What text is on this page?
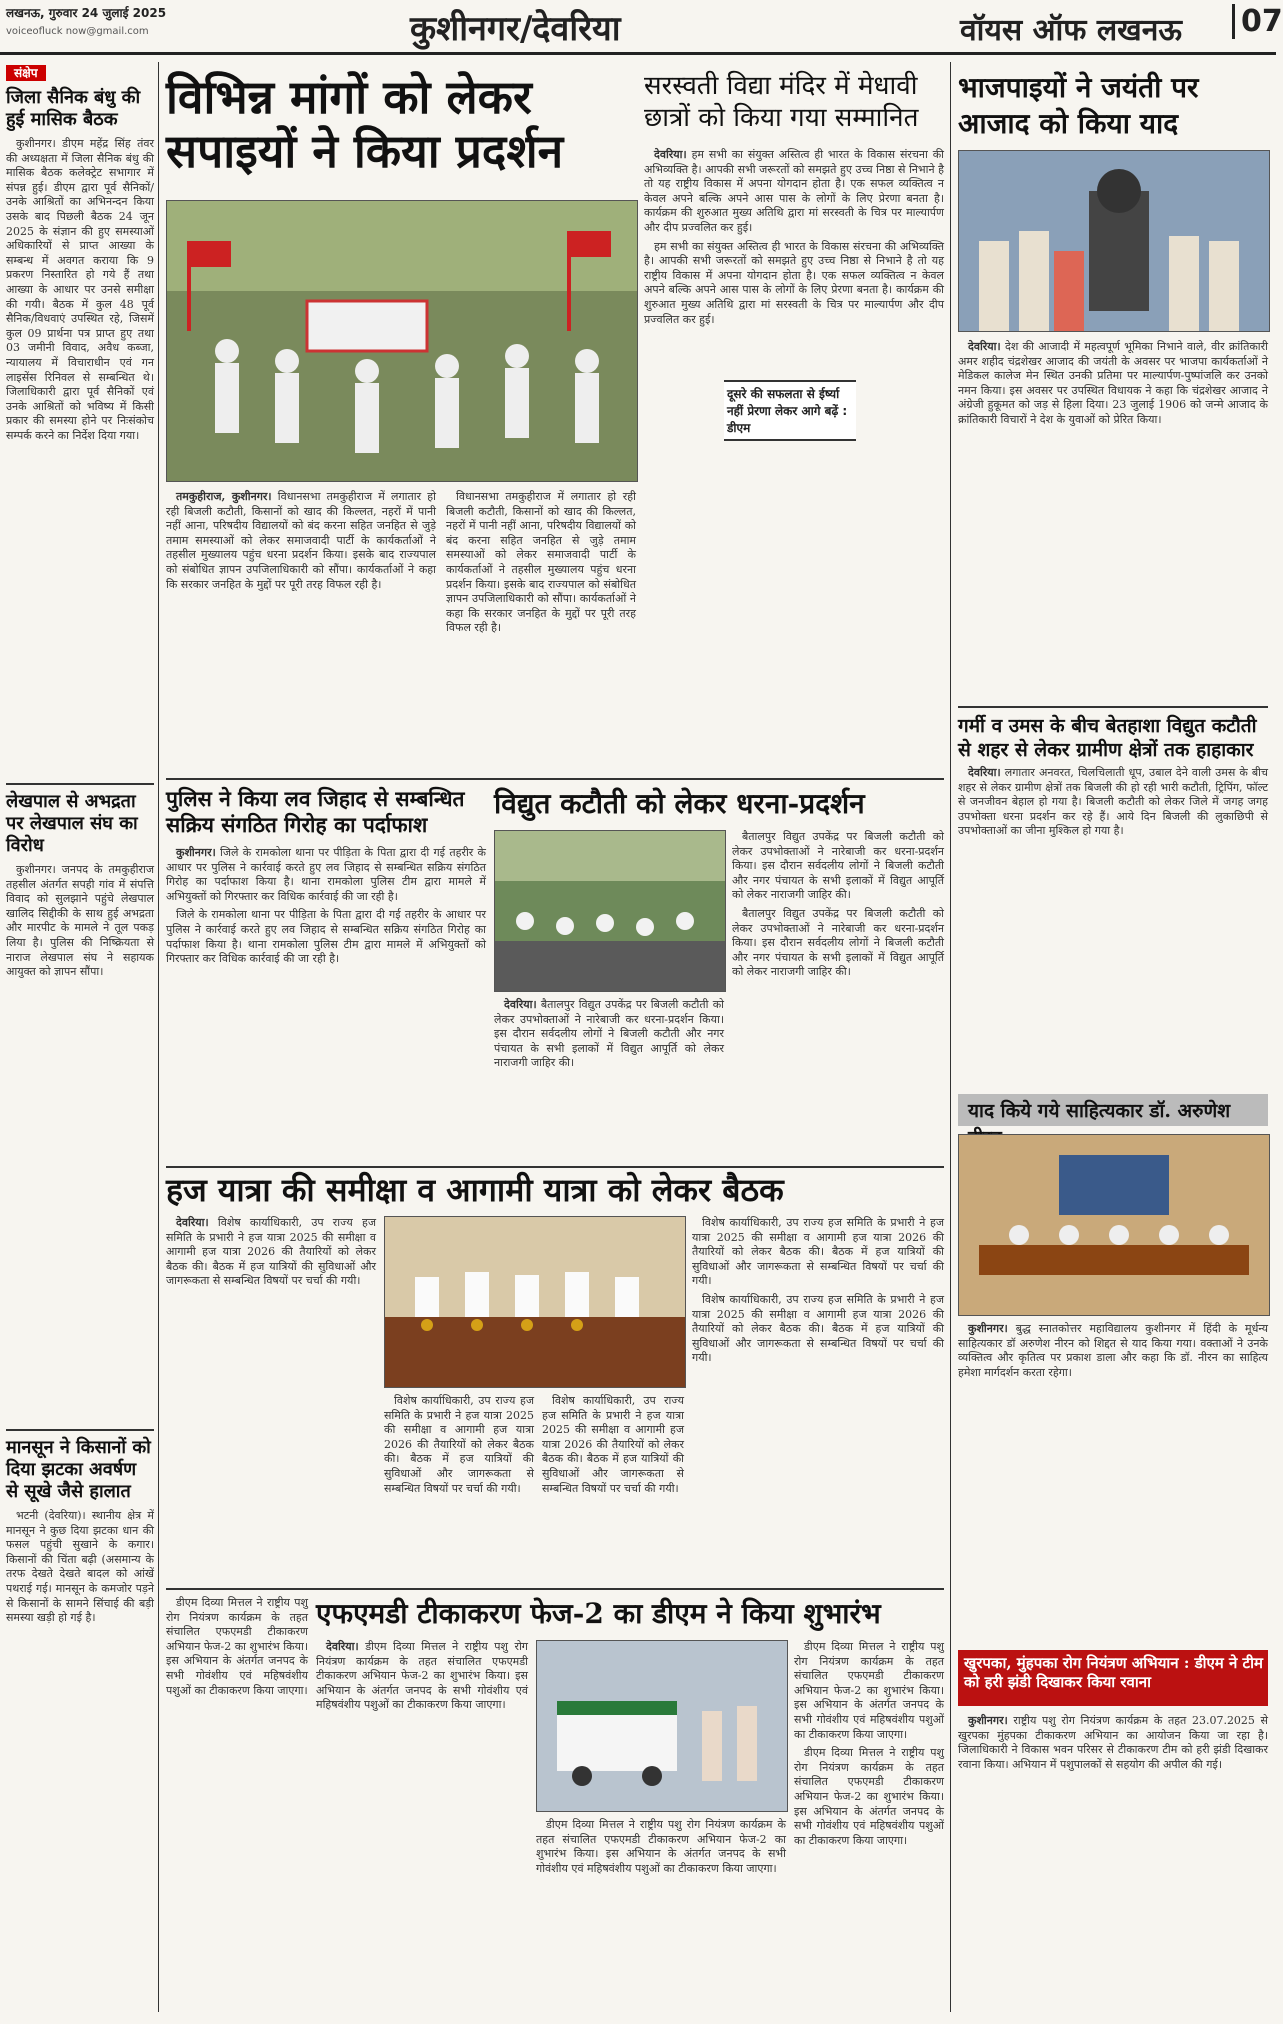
लखनऊ, गुरुवार 24 जुलाई 2025
voiceofluck now@gmail.com	कुशीनगर/देवरिया	वॉयस ऑफ लखनऊ	07
संक्षेप
जिला सैनिक बंधु की हुई मासिक बैठक

कुशीनगर। डीएम महेंद्र सिंह तंवर की अध्यक्षता में जिला सैनिक बंधु की मासिक बैठक कलेक्ट्रेट सभागार में संपन्न हुई। डीएम द्वारा पूर्व सैनिकों/उनके आश्रितों का अभिनन्दन किया उसके बाद पिछली बैठक 24 जून 2025 के संज्ञान की हुए समस्याओं अधिकारियों से प्राप्त आख्या के सम्बन्ध में अवगत कराया कि 9 प्रकरण निस्तारित हो गये हैं तथा आख्या के आधार पर उनसे समीक्षा की गयी। बैठक में कुल 48 पूर्व सैनिक/विधवाएं उपस्थित रहे, जिसमें कुल 09 प्रार्थना पत्र प्राप्त हुए तथा 03 जमीनी विवाद, अवैध कब्जा, न्यायालय में विचाराधीन एवं गन लाइसेंस रिनिवल से सम्बन्धित थे। जिलाधिकारी द्वारा पूर्व सैनिकों एवं उनके आश्रितों को भविष्य में किसी प्रकार की समस्या होने पर निःसंकोच सम्पर्क करने का निर्देश दिया गया।

लेखपाल से अभद्रता पर लेखपाल संघ का विरोध

कुशीनगर। जनपद के तमकुहीराज तहसील अंतर्गत सपही गांव में संपत्ति विवाद को सुलझाने पहुंचे लेखपाल खालिद सिद्दीकी के साथ हुई अभद्रता और मारपीट के मामले ने तूल पकड़ लिया है। पुलिस की निष्क्रियता से नाराज लेखपाल संघ ने सहायक आयुक्त को ज्ञापन सौंपा।

मानसून ने किसानों को दिया झटका अवर्षण से सूखे जैसे हालात

भटनी (देवरिया)। स्थानीय क्षेत्र में मानसून ने कुछ दिया झटका धान की फसल पहुंची सुखाने के कगार। किसानों की चिंता बढ़ी (असमान्य के तरफ देखते देखते बादल को आंखें पथराई गई। मानसून के कमजोर पड़ने से किसानों के सामने सिंचाई की बड़ी समस्या खड़ी हो गई है।

विभिन्न मांगों को लेकर सपाइयों ने किया प्रदर्शन

तमकुहीराज, कुशीनगर। विधानसभा तमकुहीराज में लगातार हो रही बिजली कटौती, किसानों को खाद की किल्लत, नहरों में पानी नहीं आना, परिषदीय विद्यालयों को बंद करना सहित जनहित से जुड़े तमाम समस्याओं को लेकर समाजवादी पार्टी के कार्यकर्ताओं ने तहसील मुख्यालय पहुंच धरना प्रदर्शन किया। इसके बाद राज्यपाल को संबोधित ज्ञापन उपजिलाधिकारी को सौंपा। कार्यकर्ताओं ने कहा कि सरकार जनहित के मुद्दों पर पूरी तरह विफल रही है।

विधानसभा तमकुहीराज में लगातार हो रही बिजली कटौती, किसानों को खाद की किल्लत, नहरों में पानी नहीं आना, परिषदीय विद्यालयों को बंद करना सहित जनहित से जुड़े तमाम समस्याओं को लेकर समाजवादी पार्टी के कार्यकर्ताओं ने तहसील मुख्यालय पहुंच धरना प्रदर्शन किया। इसके बाद राज्यपाल को संबोधित ज्ञापन उपजिलाधिकारी को सौंपा। कार्यकर्ताओं ने कहा कि सरकार जनहित के मुद्दों पर पूरी तरह विफल रही है।

सरस्वती विद्या मंदिर में मेधावी छात्रों को किया गया सम्मानित

देवरिया। हम सभी का संयुक्त अस्तित्व ही भारत के विकास संरचना की अभिव्यक्ति है। आपकी सभी जरूरतों को समझते हुए उच्च निष्ठा से निभाने है तो यह राष्ट्रीय विकास में अपना योगदान होता है। एक सफल व्यक्तित्व न केवल अपने बल्कि अपने आस पास के लोगों के लिए प्रेरणा बनता है। कार्यक्रम की शुरुआत मुख्य अतिथि द्वारा मां सरस्वती के चित्र पर माल्यार्पण और दीप प्रज्वलित कर हुई।

हम सभी का संयुक्त अस्तित्व ही भारत के विकास संरचना की अभिव्यक्ति है। आपकी सभी जरूरतों को समझते हुए उच्च निष्ठा से निभाने है तो यह राष्ट्रीय विकास में अपना योगदान होता है। एक सफल व्यक्तित्व न केवल अपने बल्कि अपने आस पास के लोगों के लिए प्रेरणा बनता है। कार्यक्रम की शुरुआत मुख्य अतिथि द्वारा मां सरस्वती के चित्र पर माल्यार्पण और दीप प्रज्वलित कर हुई।

दूसरे की सफलता से ईर्ष्या नहीं प्रेरणा लेकर आगे बढ़ें : डीएम
भाजपाइयों ने जयंती पर आजाद को किया याद

देवरिया। देश की आजादी में महत्वपूर्ण भूमिका निभाने वाले, वीर क्रांतिकारी अमर शहीद चंद्रशेखर आजाद की जयंती के अवसर पर भाजपा कार्यकर्ताओं ने मेडिकल कालेज मेन स्थित उनकी प्रतिमा पर माल्यार्पण-पुष्पांजलि कर उनको नमन किया। इस अवसर पर उपस्थित विधायक ने कहा कि चंद्रशेखर आजाद ने अंग्रेजी हुकूमत को जड़ से हिला दिया। 23 जुलाई 1906 को जन्मे आजाद के क्रांतिकारी विचारों ने देश के युवाओं को प्रेरित किया।

गर्मी व उमस के बीच बेतहाशा विद्युत कटौती से शहर से लेकर ग्रामीण क्षेत्रों तक हाहाकार

देवरिया। लगातार अनवरत, चिलचिलाती धूप, उबाल देने वाली उमस के बीच शहर से लेकर ग्रामीण क्षेत्रों तक बिजली की हो रही भारी कटौती, ट्रिपिंग, फॉल्ट से जनजीवन बेहाल हो गया है। बिजली कटौती को लेकर जिले में जगह जगह उपभोक्ता धरना प्रदर्शन कर रहे हैं। आये दिन बिजली की लुकाछिपी से उपभोक्ताओं का जीना मुश्किल हो गया है।

याद किये गये साहित्यकार डॉ. अरुणेश

कुशीनगर। बुद्ध स्नातकोत्तर महाविद्यालय कुशीनगर में हिंदी के मूर्धन्य साहित्यकार डॉ अरुणेश नीरन को शिद्दत से याद किया गया। वक्ताओं ने उनके व्यक्तित्व और कृतित्व पर प्रकाश डाला और कहा कि डॉ. नीरन का साहित्य हमेशा मार्गदर्शन करता रहेगा।

खुरपका, मुंहपका रोग नियंत्रण अभियान : डीएम ने टीम को हरी झंडी दिखाकर किया रवाना

कुशीनगर। राष्ट्रीय पशु रोग नियंत्रण कार्यक्रम के तहत 23.07.2025 से खुरपका मुंहपका टीकाकरण अभियान का आयोजन किया जा रहा है। जिलाधिकारी ने विकास भवन परिसर से टीकाकरण टीम को हरी झंडी दिखाकर रवाना किया। अभियान में पशुपालकों से सहयोग की अपील की गई।

पुलिस ने किया लव जिहाद से सम्बन्धित सक्रिय संगठित गिरोह का पर्दाफाश

कुशीनगर। जिले के रामकोला थाना पर पीड़िता के पिता द्वारा दी गई तहरीर के आधार पर पुलिस ने कार्रवाई करते हुए लव जिहाद से सम्बन्धित सक्रिय संगठित गिरोह का पर्दाफाश किया है। थाना रामकोला पुलिस टीम द्वारा मामले में अभियुक्तों को गिरफ्तार कर विधिक कार्रवाई की जा रही है।

जिले के रामकोला थाना पर पीड़िता के पिता द्वारा दी गई तहरीर के आधार पर पुलिस ने कार्रवाई करते हुए लव जिहाद से सम्बन्धित सक्रिय संगठित गिरोह का पर्दाफाश किया है। थाना रामकोला पुलिस टीम द्वारा मामले में अभियुक्तों को गिरफ्तार कर विधिक कार्रवाई की जा रही है।

विद्युत कटौती को लेकर धरना-प्रदर्शन

बैतालपुर विद्युत उपकेंद्र पर बिजली कटौती को लेकर उपभोक्ताओं ने नारेबाजी कर धरना-प्रदर्शन किया। इस दौरान सर्वदलीय लोगों ने बिजली कटौती और नगर पंचायत के सभी इलाकों में विद्युत आपूर्ति को लेकर नाराजगी जाहिर की।

बैतालपुर विद्युत उपकेंद्र पर बिजली कटौती को लेकर उपभोक्ताओं ने नारेबाजी कर धरना-प्रदर्शन किया। इस दौरान सर्वदलीय लोगों ने बिजली कटौती और नगर पंचायत के सभी इलाकों में विद्युत आपूर्ति को लेकर नाराजगी जाहिर की।

देवरिया। बैतालपुर विद्युत उपकेंद्र पर बिजली कटौती को लेकर उपभोक्ताओं ने नारेबाजी कर धरना-प्रदर्शन किया। इस दौरान सर्वदलीय लोगों ने बिजली कटौती और नगर पंचायत के सभी इलाकों में विद्युत आपूर्ति को लेकर नाराजगी जाहिर की।

हज यात्रा की समीक्षा व आगामी यात्रा को लेकर बैठक

देवरिया। विशेष कार्याधिकारी, उप राज्य हज समिति के प्रभारी ने हज यात्रा 2025 की समीक्षा व आगामी हज यात्रा 2026 की तैयारियों को लेकर बैठक की। बैठक में हज यात्रियों की सुविधाओं और जागरूकता से सम्बन्धित विषयों पर चर्चा की गयी।

विशेष कार्याधिकारी, उप राज्य हज समिति के प्रभारी ने हज यात्रा 2025 की समीक्षा व आगामी हज यात्रा 2026 की तैयारियों को लेकर बैठक की। बैठक में हज यात्रियों की सुविधाओं और जागरूकता से सम्बन्धित विषयों पर चर्चा की गयी।

विशेष कार्याधिकारी, उप राज्य हज समिति के प्रभारी ने हज यात्रा 2025 की समीक्षा व आगामी हज यात्रा 2026 की तैयारियों को लेकर बैठक की। बैठक में हज यात्रियों की सुविधाओं और जागरूकता से सम्बन्धित विषयों पर चर्चा की गयी।

विशेष कार्याधिकारी, उप राज्य हज समिति के प्रभारी ने हज यात्रा 2025 की समीक्षा व आगामी हज यात्रा 2026 की तैयारियों को लेकर बैठक की। बैठक में हज यात्रियों की सुविधाओं और जागरूकता से सम्बन्धित विषयों पर चर्चा की गयी।

विशेष कार्याधिकारी, उप राज्य हज समिति के प्रभारी ने हज यात्रा 2025 की समीक्षा व आगामी हज यात्रा 2026 की तैयारियों को लेकर बैठक की। बैठक में हज यात्रियों की सुविधाओं और जागरूकता से सम्बन्धित विषयों पर चर्चा की गयी।

एफएमडी टीकाकरण फेज-2 का डीएम ने किया शुभारंभ

डीएम दिव्या मित्तल ने राष्ट्रीय पशु रोग नियंत्रण कार्यक्रम के तहत संचालित एफएमडी टीकाकरण अभियान फेज-2 का शुभारंभ किया। इस अभियान के अंतर्गत जनपद के सभी गोवंशीय एवं महिषवंशीय पशुओं का टीकाकरण किया जाएगा।

देवरिया। डीएम दिव्या मित्तल ने राष्ट्रीय पशु रोग नियंत्रण कार्यक्रम के तहत संचालित एफएमडी टीकाकरण अभियान फेज-2 का शुभारंभ किया। इस अभियान के अंतर्गत जनपद के सभी गोवंशीय एवं महिषवंशीय पशुओं का टीकाकरण किया जाएगा।

डीएम दिव्या मित्तल ने राष्ट्रीय पशु रोग नियंत्रण कार्यक्रम के तहत संचालित एफएमडी टीकाकरण अभियान फेज-2 का शुभारंभ किया। इस अभियान के अंतर्गत जनपद के सभी गोवंशीय एवं महिषवंशीय पशुओं का टीकाकरण किया जाएगा।

डीएम दिव्या मित्तल ने राष्ट्रीय पशु रोग नियंत्रण कार्यक्रम के तहत संचालित एफएमडी टीकाकरण अभियान फेज-2 का शुभारंभ किया। इस अभियान के अंतर्गत जनपद के सभी गोवंशीय एवं महिषवंशीय पशुओं का टीकाकरण किया जाएगा।

डीएम दिव्या मित्तल ने राष्ट्रीय पशु रोग नियंत्रण कार्यक्रम के तहत संचालित एफएमडी टीकाकरण अभियान फेज-2 का शुभारंभ किया। इस अभियान के अंतर्गत जनपद के सभी गोवंशीय एवं महिषवंशीय पशुओं का टीकाकरण किया जाएगा।
